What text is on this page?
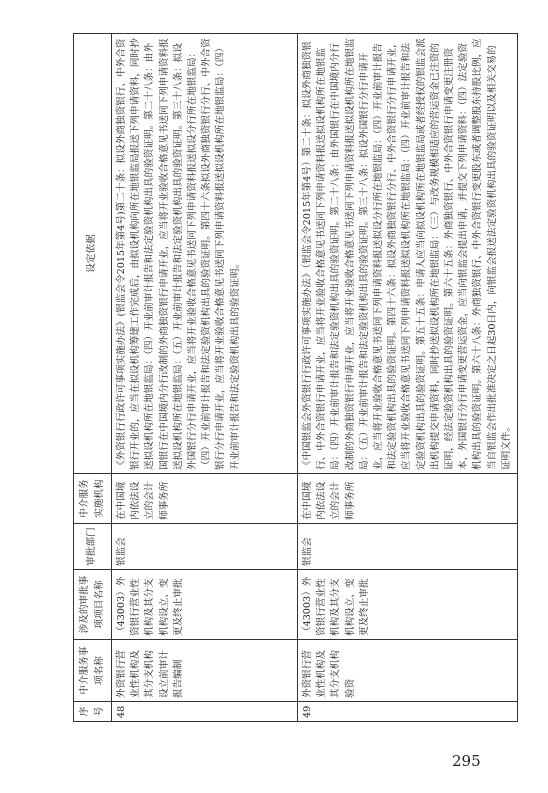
序号	中介服务事项名称	涉及的审批事项项目名称	审批部门	中介服务实施机构	设定依据
48	外资银行营业性机构及其分支机构设立前审计报告编制	（43003）外资银行营业性机构及其分支机构设立、变更及终止审批	银监会	在中国境内依法设立的会计师事务所	《外资银行行政许可事项实施办法》(银监会令2015年第4号)第二十条：拟设外商独资银行、中外合资银行开业的，应当在拟设机构筹建工作完成后，由拟设机构向所在地银监局报送下列申请资料，同时抄送拟设机构所在地银监局：（四）开业前审计报告和法定验资机构出具的验资证明。第二十八条：由外国银行在中国境内分行改制的外商独资银行申请开业，应当将开业验收合格意见书送同下列申请资料报送拟设机构所在地银监局：（五）开业前审计报告和法定验资机构出具的验资证明。第三十八条：拟设外国银行分行申请开业，应当将开业验收合格意见书送同下列申请资料报送拟设分行所在地银监局：（四）开业前审计报告和法定验资机构出具的验资证明。第四十六条拟设外商独资银行分行、中外合资银行分行申请开业，应当将开业验收合格意见书送同下列申请资料报送拟设机构所在地银监局：（四）开业前审计报告和法定验资机构出具的验资证明。
49	外资银行营业性机构及其分支机构验资	（43003）外资银行营业性机构及其分支机构设立、变更及终止审批	银监会	在中国境内依法设立的会计师事务所	《中国银监会外资银行行政许可事项实施办法》（银监会令2015年第4号）第二十条：拟设外商独资银行、中外合资银行申请开业，应当将开业验收合格意见书送同下列申请资料报送拟设机构所在地银监局：（四）开业前审计报告和法定验资机构出具的验资证明。第二十八条：由外国银行在中国境内分行改制的外商独资银行申请开业，应当将开业验收合格意见书送同下列申请资料报送拟设机构所在地银监局：（五）开业前审计报告和法定验资机构出具的验资证明。第三十八条：拟设外国银行分行申请开业，应当将开业验收合格意见书送同下列申请资料报送拟设分行所在地银监局：（四）开业前审计报告和法定验资机构出具的验资证明。第四十六条：拟设外商独资银行分行、中外合资银行分行申请开业，应当将开业验收合格意见书送同下列申请资料报送拟设机构所在地银监局：（四）开业前审计报告和法定验资机构出具的验资证明。第五十五条：申请人应当向拟设机构所在地银监局或者经授权的银监会派出机构提交申请资料，同时抄送拟设机构所在地银监局：（三）与改务规模相适应的营运资金已注资的证明，经法定验资机构出具的验资证明。第六十五条：外商独资银行、中外合资银行申请变更注册资本，外国银行分行申请变更营运资金，应当向银监会提出申请，并提交下列申请资料：（四）法定验资机构出具的验资证明。第六十八条：外商独资银行、中外合资银行变更股东或者调整股东持股比例，应当自银监会作出批准决定之日起30日内，向银监会报送法定验资机构出具的验资证明以及相关交易的证明文件。
295
